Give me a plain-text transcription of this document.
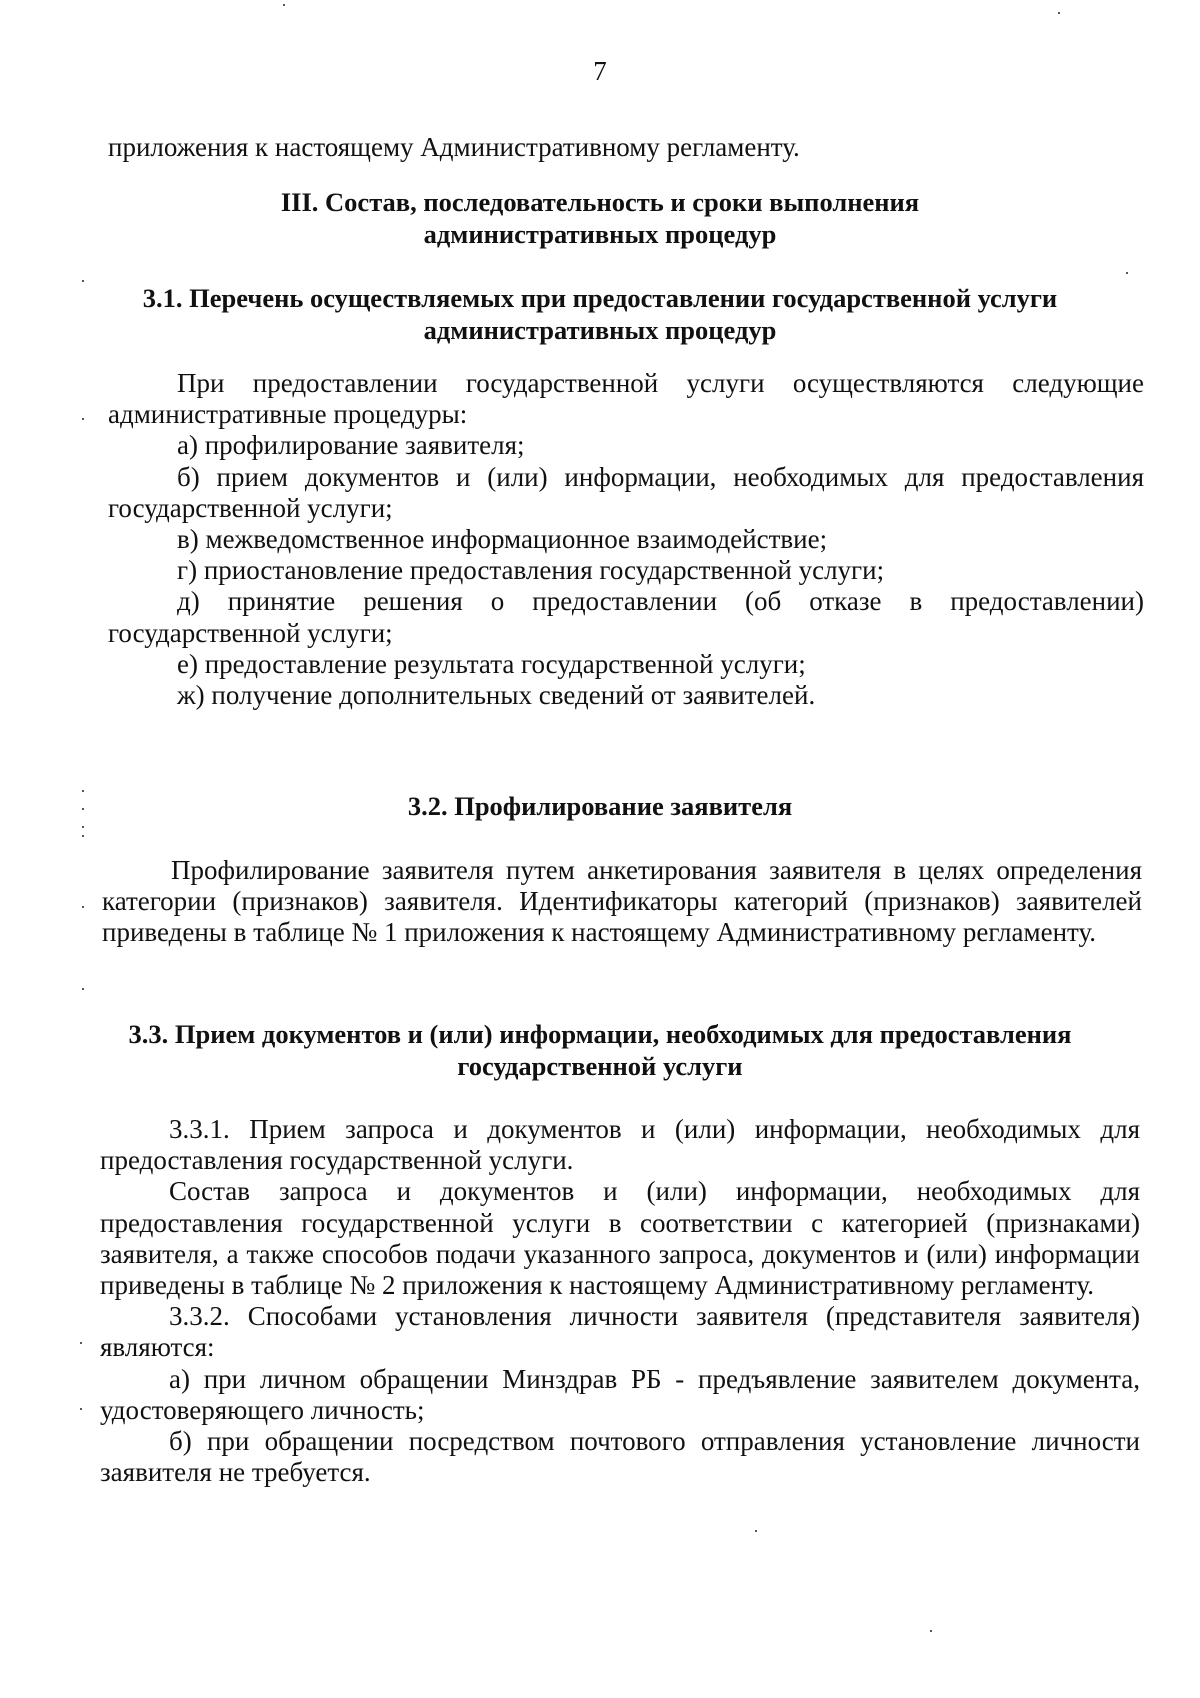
7
приложения к настоящему Административному регламенту.
III. Состав, последовательность и сроки выполнения
административных процедур
3.1. Перечень осуществляемых при предоставлении государственной услуги
административных процедур

При предоставлении государственной услуги осуществляются следующие административные процедуры:

а) профилирование заявителя;

б) прием документов и (или) информации, необходимых для предоставления государственной услуги;

в) межведомственное информационное взаимодействие;

г) приостановление предоставления государственной услуги;

д) принятие решения о предоставлении (об отказе в предоставлении) государственной услуги;

е) предоставление результата государственной услуги;

ж) получение дополнительных сведений от заявителей.

3.2. Профилирование заявителя

Профилирование заявителя путем анкетирования заявителя в целях определения категории (признаков) заявителя. Идентификаторы категорий (признаков) заявителей приведены в таблице № 1 приложения к настоящему Административному регламенту.

3.3. Прием документов и (или) информации, необходимых для предоставления
государственной услуги

3.3.1. Прием запроса и документов и (или) информации, необходимых для предоставления государственной услуги.

Состав запроса и документов и (или) информации, необходимых для предоставления государственной услуги в соответствии с категорией (признаками) заявителя, а также способов подачи указанного запроса, документов и (или) информации приведены в таблице № 2 приложения к настоящему Административному регламенту.

3.3.2. Способами установления личности заявителя (представителя заявителя) являются:

а) при личном обращении Минздрав РБ - предъявление заявителем документа, удостоверяющего личность;

б) при обращении посредством почтового отправления установление личности заявителя не требуется.
